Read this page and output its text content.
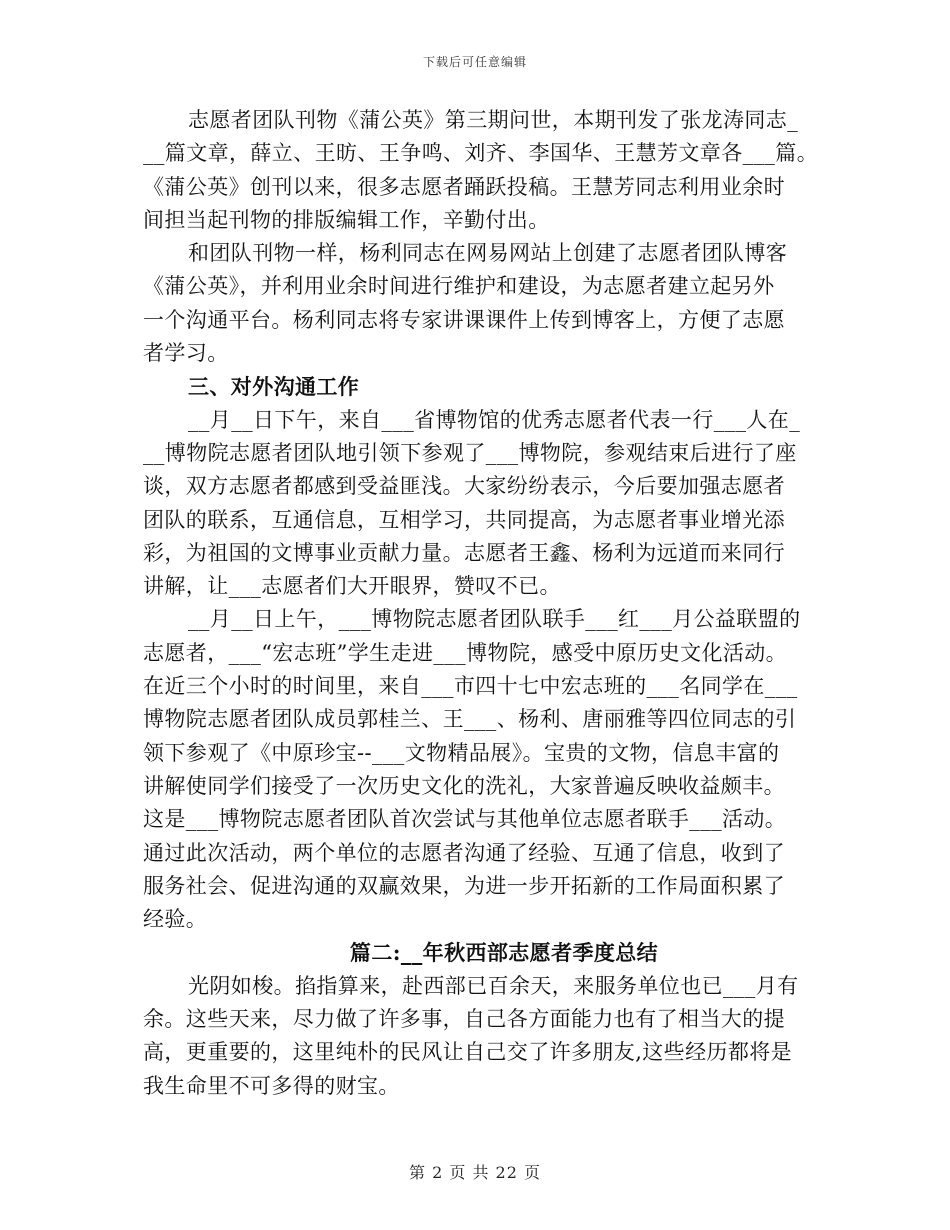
下载后可任意编辑
志愿者团队刊物《蒲公英》第三期问世，本期刊发了张龙涛同志_
__篇文章，薛立、王昉、王争鸣、刘齐、李国华、王慧芳文章各___篇。
《蒲公英》创刊以来，很多志愿者踊跃投稿。王慧芳同志利用业余时
间担当起刊物的排版编辑工作，辛勤付出。
和团队刊物一样，杨利同志在网易网站上创建了志愿者团队博客
《蒲公英》，并利用业余时间进行维护和建设，为志愿者建立起另外
一个沟通平台。杨利同志将专家讲课课件上传到博客上，方便了志愿
者学习。
三、对外沟通工作
__月__日下午，来自___省博物馆的优秀志愿者代表一行___人在_
__博物院志愿者团队地引领下参观了___博物院，参观结束后进行了座
谈，双方志愿者都感到受益匪浅。大家纷纷表示，今后要加强志愿者
团队的联系，互通信息，互相学习，共同提高，为志愿者事业增光添
彩，为祖国的文博事业贡献力量。志愿者王鑫、杨利为远道而来同行
讲解，让___志愿者们大开眼界，赞叹不已。
__月__日上午，___博物院志愿者团队联手___红___月公益联盟的
志愿者，___“宏志班”学生走进___博物院，感受中原历史文化活动。
在近三个小时的时间里，来自___市四十七中宏志班的___名同学在___
博物院志愿者团队成员郭桂兰、王___、杨利、唐丽雅等四位同志的引
领下参观了《中原珍宝--___文物精品展》。宝贵的文物，信息丰富的
讲解使同学们接受了一次历史文化的洗礼，大家普遍反映收益颇丰。
这是___博物院志愿者团队首次尝试与其他单位志愿者联手___活动。
通过此次活动，两个单位的志愿者沟通了经验、互通了信息，收到了
服务社会、促进沟通的双赢效果，为进一步开拓新的工作局面积累了
经验。
篇二:__年秋西部志愿者季度总结
光阴如梭。掐指算来，赴西部已百余天，来服务单位也已___月有
余。这些天来，尽力做了许多事，自己各方面能力也有了相当大的提
高，更重要的，这里纯朴的民风让自己交了许多朋友,这些经历都将是
我生命里不可多得的财宝。
第 2 页 共 22 页
